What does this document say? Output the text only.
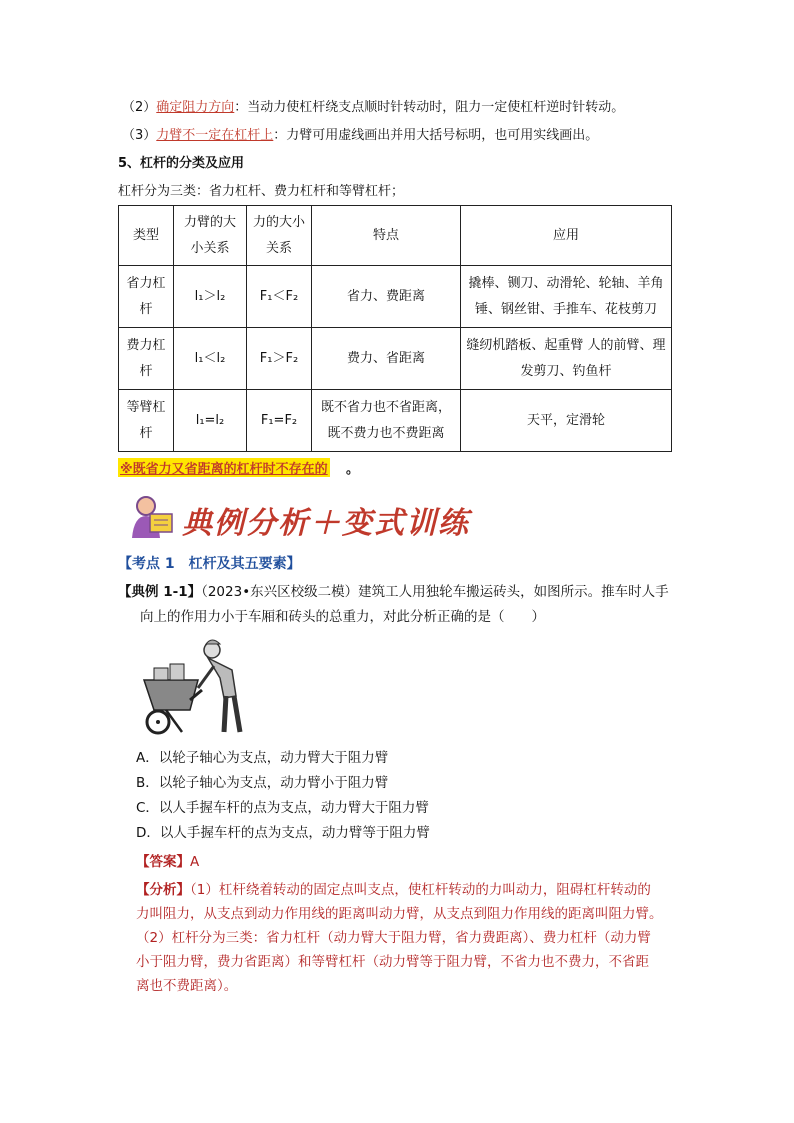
（2）确定阻力方向：当动力使杠杆绕支点顺时针转动时，阻力一定使杠杆逆时针转动。
（3）力臂不一定在杠杆上：力臂可用虚线画出并用大括号标明，也可用实线画出。
5、杠杆的分类及应用
杠杆分为三类：省力杠杆、费力杠杆和等臂杠杆；
类型	力臂的大小关系	力的大小关系	特点	应用
省力杠杆	l₁＞l₂	F₁＜F₂	省力、费距离	撬棒、铡刀、动滑轮、轮轴、羊角锤、钢丝钳、手推车、花枝剪刀
费力杠杆	l₁＜l₂	F₁＞F₂	费力、省距离	缝纫机踏板、起重臂 人的前臂、理发剪刀、钓鱼杆
等臂杠杆	l₁=l₂	F₁=F₂	既不省力也不省距离，既不费力也不费距离	天平，定滑轮
※既省力又省距离的杠杆时不存在的 。
典例分析＋变式训练
【考点 1　杠杆及其五要素】
【典例 1-1】（2023•东兴区校级二模）建筑工人用独轮车搬运砖头，如图所示。推车时人手
向上的作用力小于车厢和砖头的总重力，对此分析正确的是（　　）
A．以轮子轴心为支点，动力臂大于阻力臂
B．以轮子轴心为支点，动力臂小于阻力臂
C．以人手握车杆的点为支点，动力臂大于阻力臂
D．以人手握车杆的点为支点，动力臂等于阻力臂
【答案】A
【分析】（1）杠杆绕着转动的固定点叫支点，使杠杆转动的力叫动力，阻碍杠杆转动的
力叫阻力，从支点到动力作用线的距离叫动力臂，从支点到阻力作用线的距离叫阻力臂。
（2）杠杆分为三类：省力杠杆（动力臂大于阻力臂，省力费距离）、费力杠杆（动力臂
小于阻力臂，费力省距离）和等臂杠杆（动力臂等于阻力臂，不省力也不费力，不省距
离也不费距离）。
